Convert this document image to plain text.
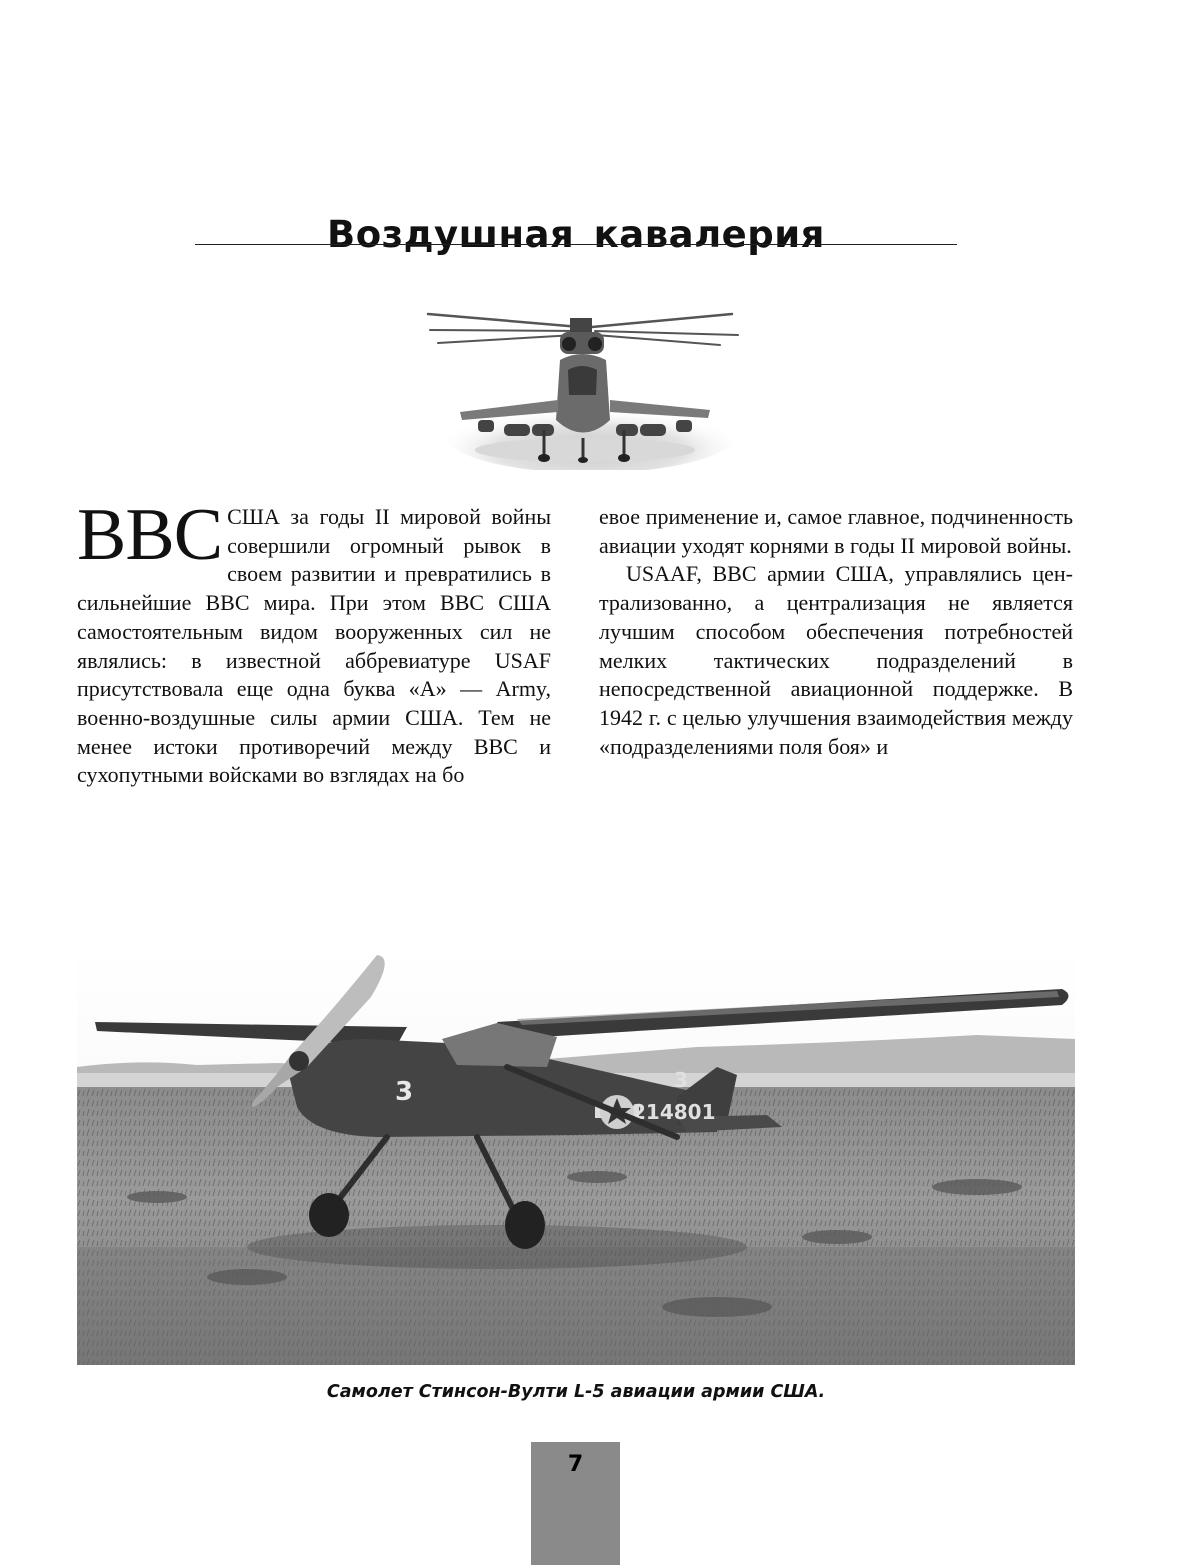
Воздушная кавалерия

ВВС США за годы II мировой войны совершили огромный рывок в своем развитии и превратились в сильнейшие ВВС мира. При этом ВВС США самостоятельным видом вооруженных сил не являлись: в известной аббревиатуре USAF присутствовала еще одна буква «А» — Army, военно-воздушные силы армии США. Тем не менее истоки противоречий между ВВС и сухопутными войсками во взглядах на бо

евое применение и, самое главное, подчиненность авиации уходят корнями в годы II мировой войны.

USAAF, ВВС армии США, управлялись централизованно, а централизация не является лучшим способом обеспечения потребностей мелких тактических подразделений в непосредственной авиационной поддержке. В 1942 г. с целью улучшения взаимодействия между «подразделениями поля боя» и

3	3
214801
Самолет Стинсон-Вулти L-5 авиации армии США.
7
